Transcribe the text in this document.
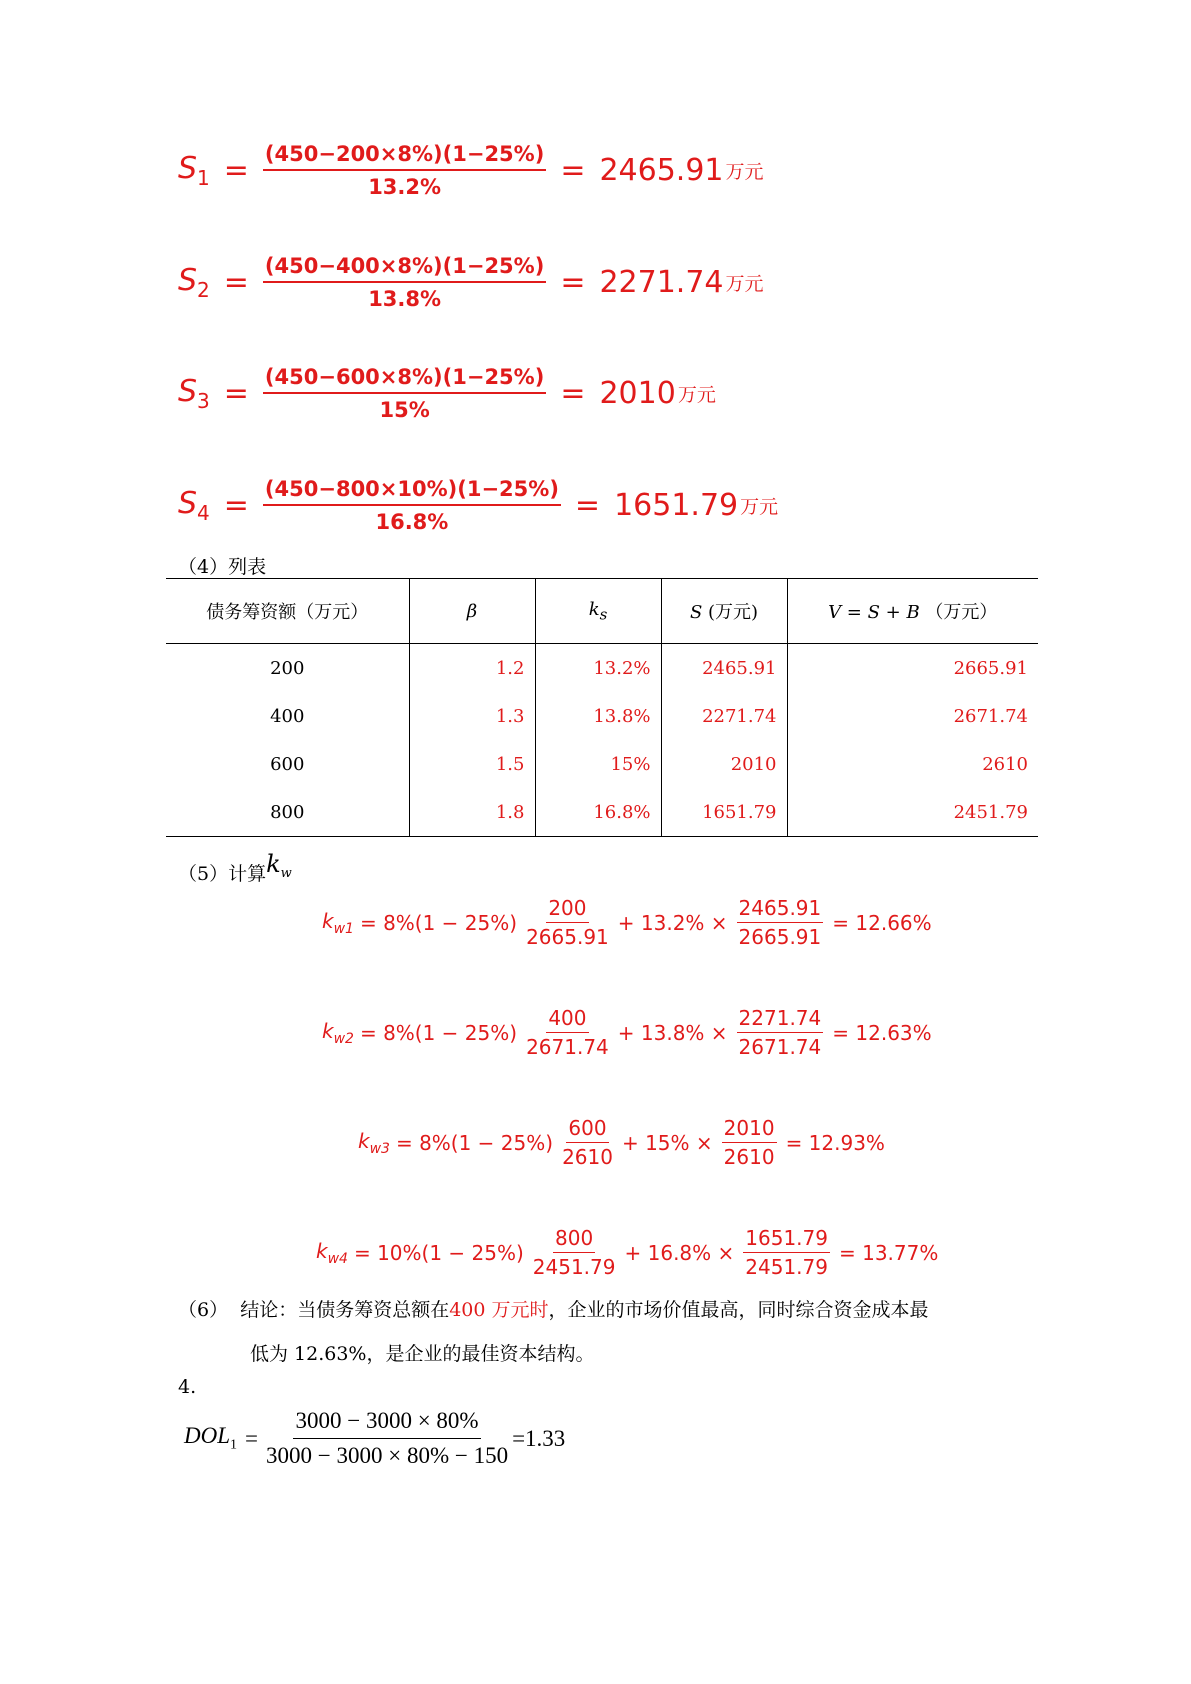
$S_1 = \frac{(450-200\times 8\%)(1-25\%)}{13.2\%} = 2465.91$ 万元
$S_2 = \frac{(450-400\times 8\%)(1-25\%)}{13.8\%} = 2271.74$ 万元
$S_3 = \frac{(450-600\times 8\%)(1-25\%)}{15\%} = 2010$ 万元
$S_4 = \frac{(450-800\times 10\%)(1-25\%)}{16.8\%} = 1651.79$ 万元
（4）列表
债务筹资额（万元）	β	$k_s$	S (万元)	V = S + B （万元）
200	1.2	13.2%	2465.91	2665.91
400	1.3	13.8%	2271.74	2671.74
600	1.5	15%	2010	2610
800	1.8	16.8%	1651.79	2451.79
（5）计算$k_w$
$k_{w1} = 8\%(1 - 25\%) \frac{200}{2665.91} + 13.2\% \times \frac{2465.91}{2665.91} = 12.66\%$
$k_{w2} = 8\%(1 - 25\%) \frac{400}{2671.74} + 13.8\% \times \frac{2271.74}{2671.74} = 12.63\%$
$k_{w3} = 8\%(1 - 25\%) \frac{600}{2610} + 15\% \times \frac{2010}{2610} = 12.93\%$
$k_{w4} = 10\%(1 - 25\%) \frac{800}{2451.79} + 16.8\% \times \frac{1651.79}{2451.79} = 13.77\%$
（6） 结论：当债务筹资总额在400 万元时，企业的市场价值最高，同时综合资金成本最
低为 12.63%，是企业的最佳资本结构。
4.
$DOL_1 = \frac{3000 - 3000 \times 80\%}{3000 - 3000 \times 80\% - 150} =1.33$
